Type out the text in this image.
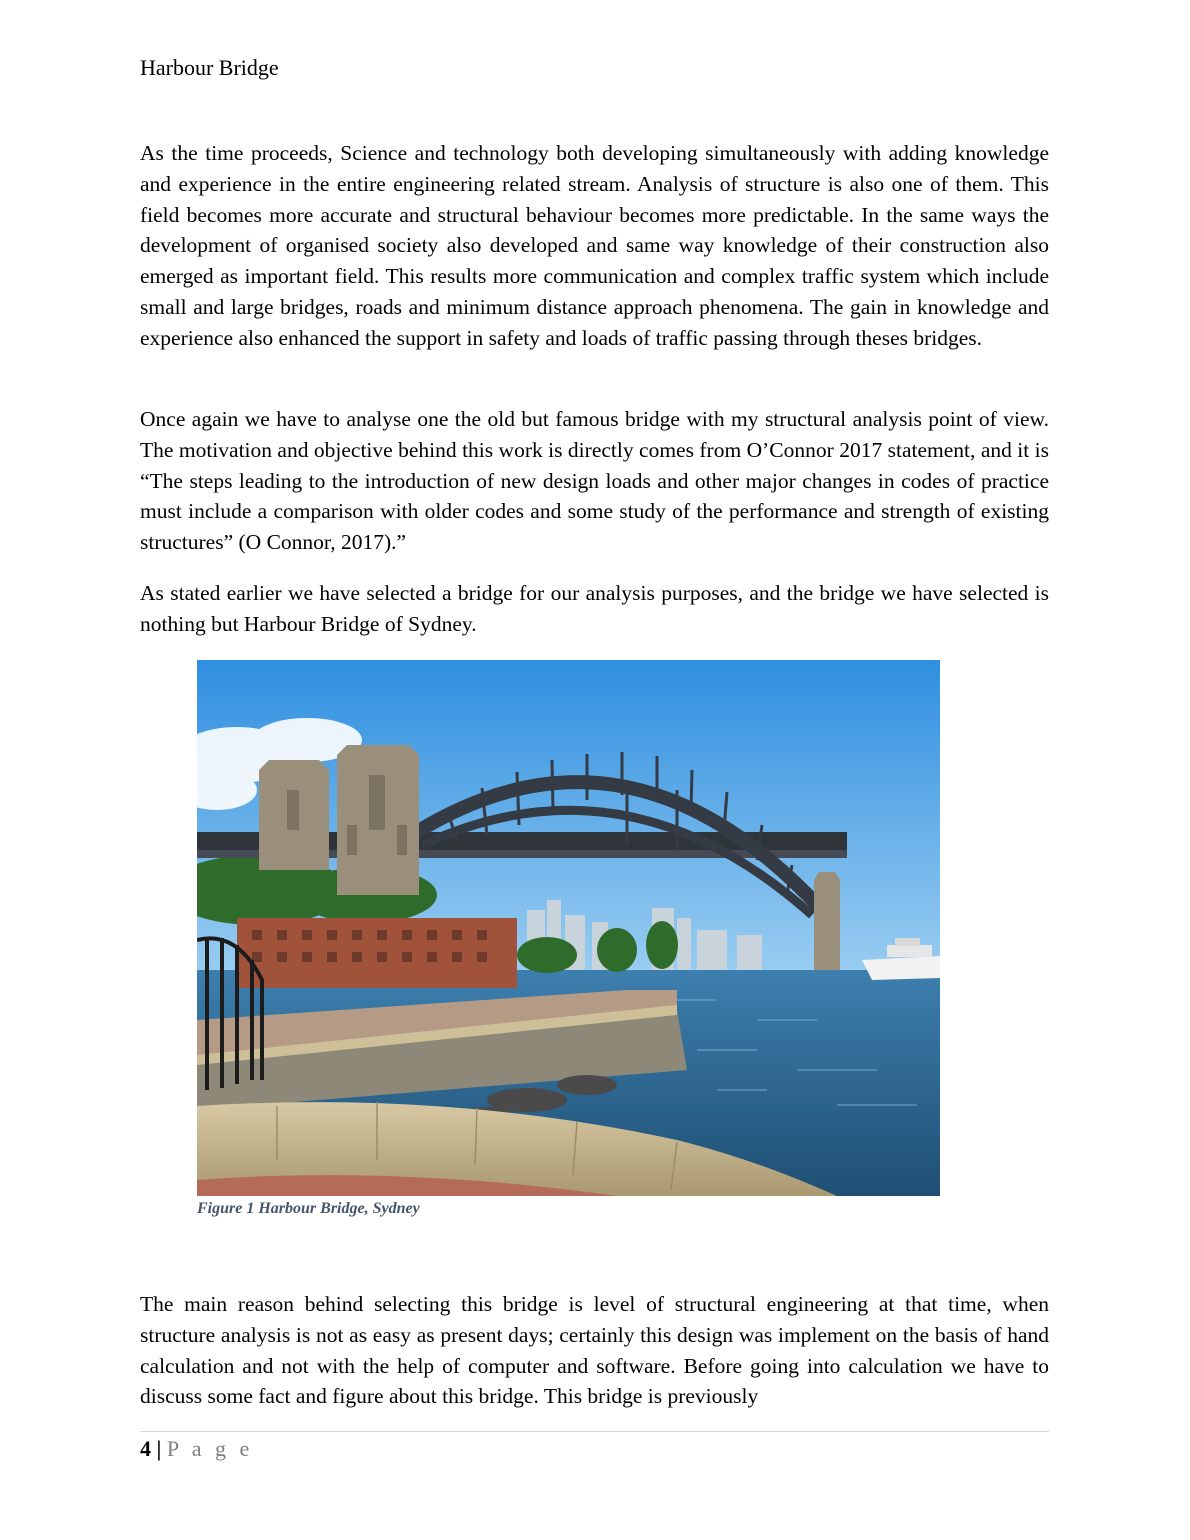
Harbour Bridge

As the time proceeds, Science and technology both developing simultaneously with adding knowledge and experience in the entire engineering related stream. Analysis of structure is also one of them. This field becomes more accurate and structural behaviour becomes more predictable. In the same ways the development of organised society also developed and same way knowledge of their construction also emerged as important field. This results more communication and complex traffic system which include small and large bridges, roads and minimum distance approach phenomena. The gain in knowledge and experience also enhanced the support in safety and loads of traffic passing through theses bridges.

Once again we have to analyse one the old but famous bridge with my structural analysis point of view. The motivation and objective behind this work is directly comes from O’Connor 2017 statement, and it is “The steps leading to the introduction of new design loads and other major changes in codes of practice must include a comparison with older codes and some study of the performance and strength of existing structures” (O Connor, 2017).”

As stated earlier we have selected a bridge for our analysis purposes, and the bridge we have selected is nothing but Harbour Bridge of Sydney.

Figure 1 Harbour Bridge, Sydney

The main reason behind selecting this bridge is level of structural engineering at that time, when structure analysis is not as easy as present days; certainly this design was implement on the basis of hand calculation and not with the help of computer and software. Before going into calculation we have to discuss some fact and figure about this bridge. This bridge is previously

4 | P a g e
